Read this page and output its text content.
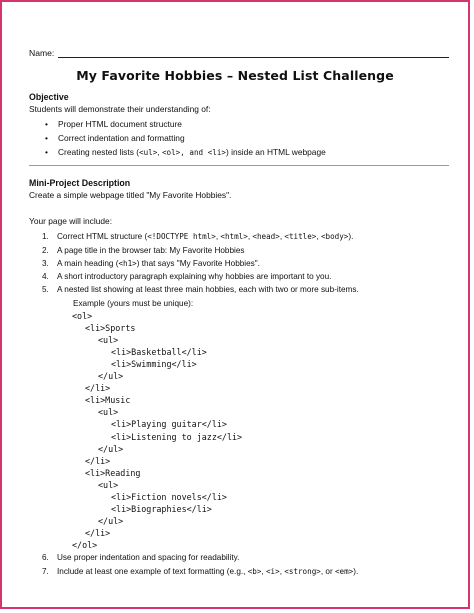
Name:
My Favorite Hobbies – Nested List Challenge
Objective
Students will demonstrate their understanding of:
• Proper HTML document structure
• Correct indentation and formatting
• Creating nested lists (<ul>, <ol>, and <li>) inside an HTML webpage
Mini-Project Description
Create a simple webpage titled "My Favorite Hobbies".
Your page will include:
1. Correct HTML structure (<!DOCTYPE html>, <html>, <head>, <title>, <body>).
2. A page title in the browser tab: My Favorite Hobbies
3. A main heading (<h1>) that says "My Favorite Hobbies".
4. A short introductory paragraph explaining why hobbies are important to you.
5. A nested list showing at least three main hobbies, each with two or more sub-items.
Example (yours must be unique):
<ol>
<li>Sports
<ul>
<li>Basketball</li>
<li>Swimming</li>
</ul>
</li>
<li>Music
<ul>
<li>Playing guitar</li>
<li>Listening to jazz</li>
</ul>
</li>
<li>Reading
<ul>
<li>Fiction novels</li>
<li>Biographies</li>
</ul>
</li>
</ol>
6. Use proper indentation and spacing for readability.
7. Include at least one example of text formatting (e.g., <b>, <i>, <strong>, or <em>).
